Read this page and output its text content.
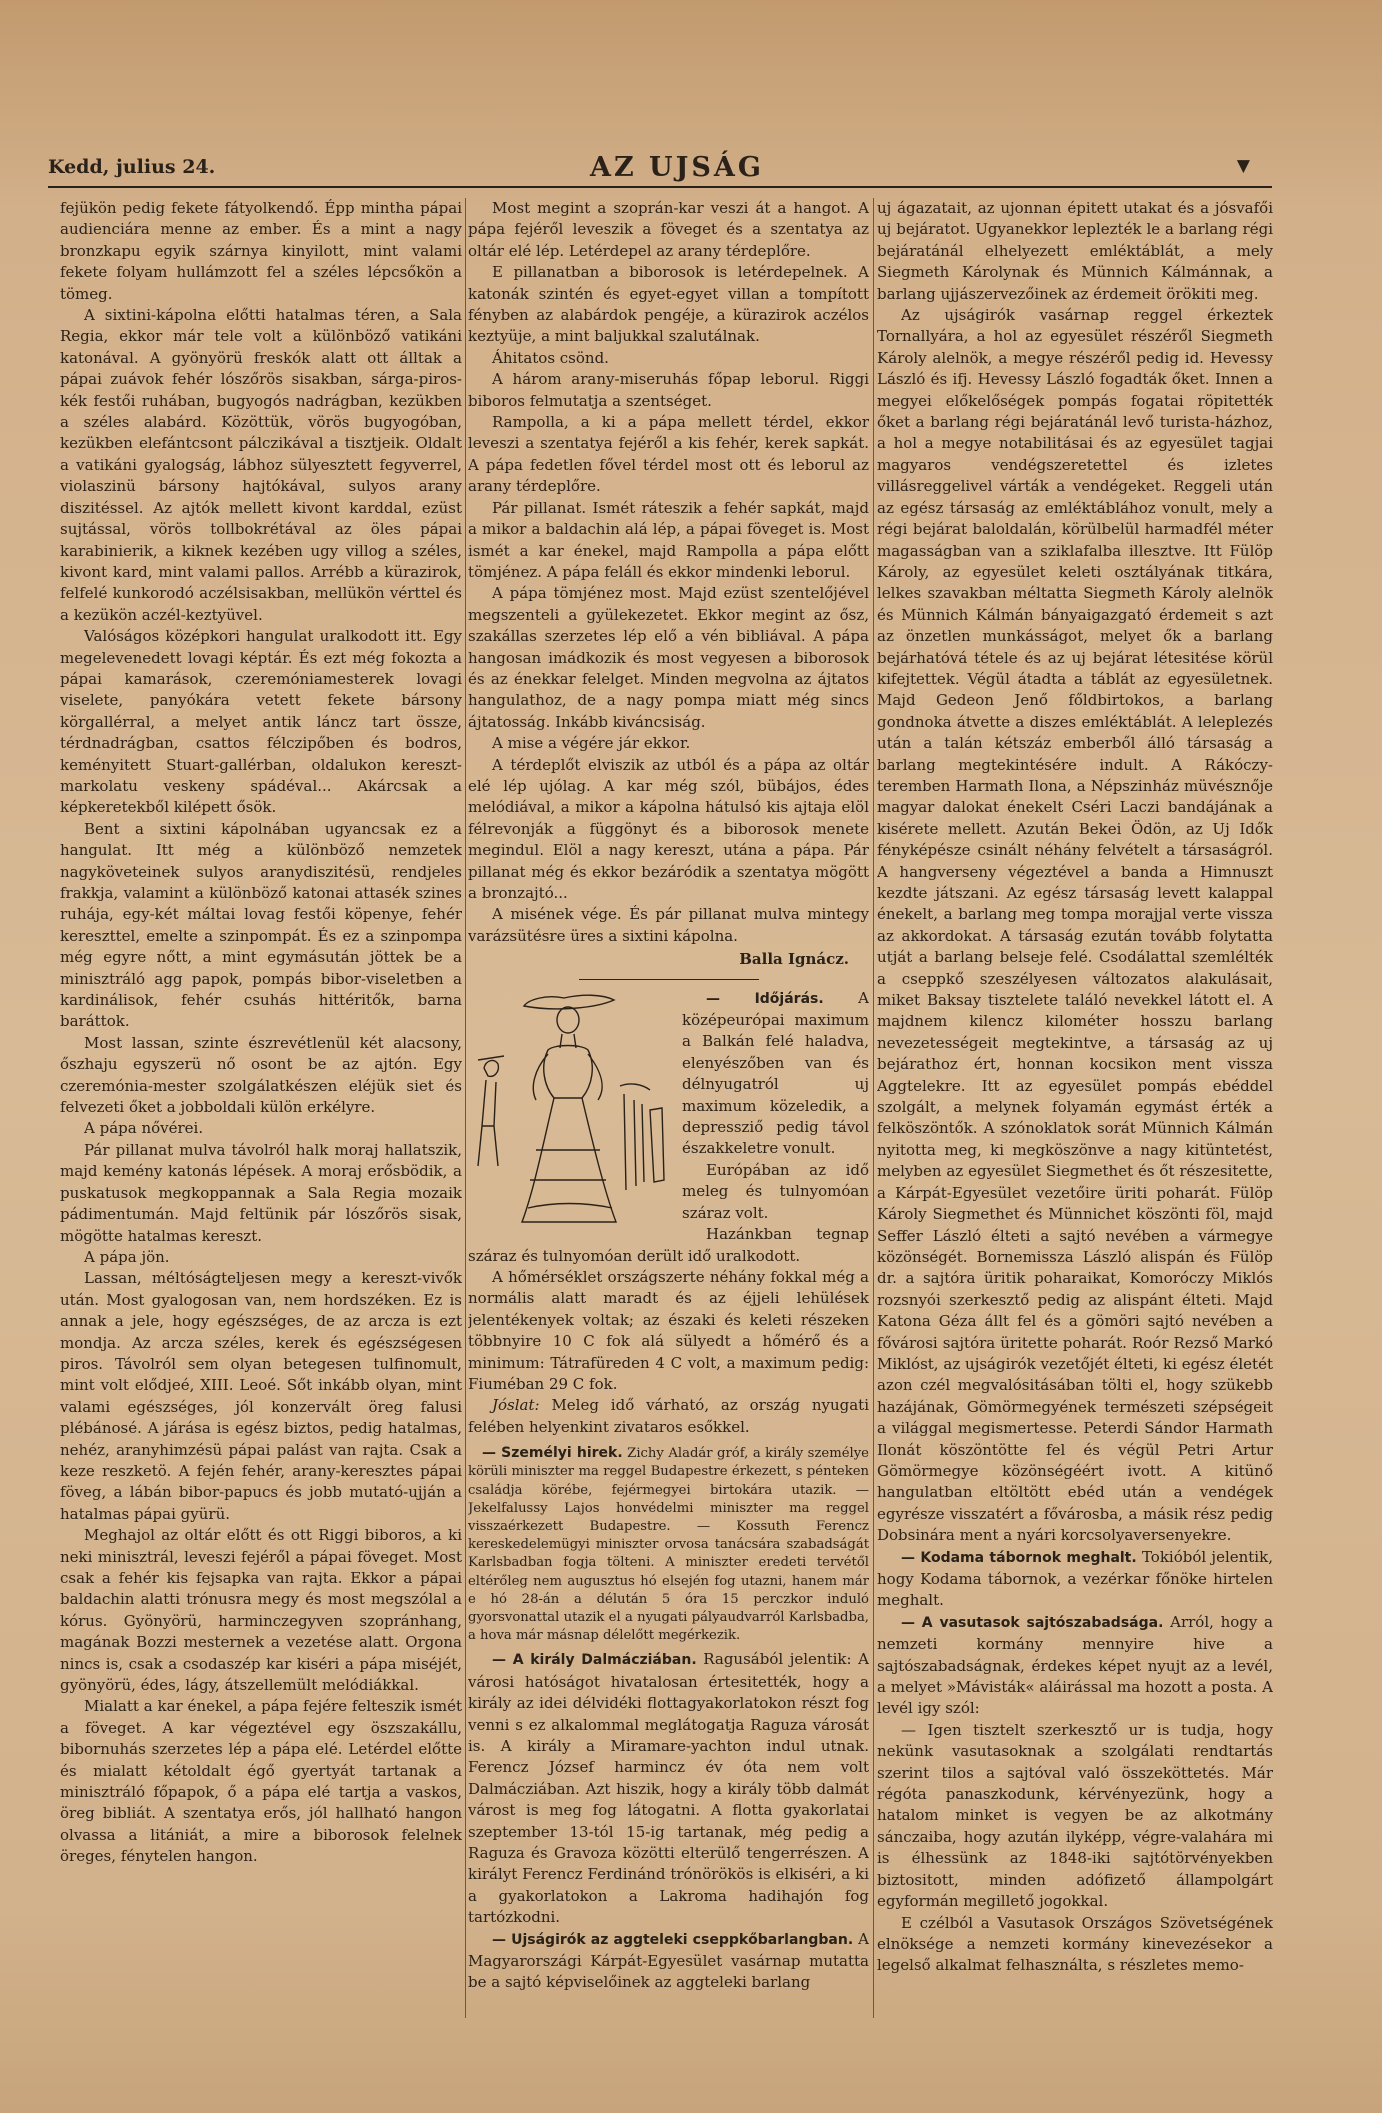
Kedd, julius 24.	AZ UJSÁG	▼

fejükön pedig fekete fátyolkendő. Épp mintha pápai audienciára menne az ember. És a mint a nagy bronzkapu egyik szárnya kinyilott, mint valami fekete folyam hullámzott fel a széles lépcsőkön a tömeg.

A sixtini-kápolna előtti hatalmas téren, a Sala Regia, ekkor már tele volt a különböző vatikáni katonával. A gyönyörü freskók alatt ott álltak a pápai zuávok fehér lószőrös sisakban, sárga-piros-kék festői ruhában, bugyogós nadrágban, kezükben a széles alabárd. Közöttük, vörös bugyogóban, kezükben elefántcsont pálczikával a tisztjeik. Oldalt a vatikáni gyalogság, lábhoz sülyesztett fegyverrel, violaszinü bársony hajtókával, sulyos arany diszitéssel. Az ajtók mellett kivont karddal, ezüst sujtással, vörös tollbokrétával az öles pápai karabinierik, a kiknek kezében ugy villog a széles, kivont kard, mint valami pallos. Arrébb a kürazirok, felfelé kunkorodó aczélsisakban, mellükön vérttel és a kezükön aczél-keztyüvel.

Valóságos középkori hangulat uralkodott itt. Egy megelevenedett lovagi képtár. És ezt még fokozta a pápai kamarások, czeremóniamesterek lovagi viselete, panyókára vetett fekete bársony körgallérral, a melyet antik láncz tart össze, térdnadrágban, csattos félczipőben és bodros, keményitett Stuart-gallérban, oldalukon kereszt-markolatu veskeny spádéval... Akárcsak a képkeretekből kilépett ősök.

Bent a sixtini kápolnában ugyancsak ez a hangulat. Itt még a különböző nemzetek nagyköveteinek sulyos aranydiszitésü, rendjeles frakkja, valamint a különböző katonai attasék szines ruhája, egy-két máltai lovag festői köpenye, fehér kereszttel, emelte a szinpompát. És ez a szinpompa még egyre nőtt, a mint egymásután jöttek be a minisztráló agg papok, pompás bibor-viseletben a kardinálisok, fehér csuhás hittéritők, barna baráttok.

Most lassan, szinte észrevétlenül két alacsony, őszhaju egyszerü nő osont be az ajtón. Egy czeremónia-mester szolgálatkészen eléjük siet és felvezeti őket a jobboldali külön erkélyre.

A pápa nővérei.

Pár pillanat mulva távolról halk moraj hallatszik, majd kemény katonás lépések. A moraj erősbödik, a puskatusok megkoppannak a Sala Regia mozaik pádimentumán. Majd feltünik pár lószőrös sisak, mögötte hatalmas kereszt.

A pápa jön.

Lassan, méltóságteljesen megy a kereszt-vivők után. Most gyalogosan van, nem hordszéken. Ez is annak a jele, hogy egészséges, de az arcza is ezt mondja. Az arcza széles, kerek és egészségesen piros. Távolról sem olyan betegesen tulfinomult, mint volt elődjeé, XIII. Leoé. Sőt inkább olyan, mint valami egészséges, jól konzervált öreg falusi plébánosé. A járása is egész biztos, pedig hatalmas, nehéz, aranyhimzésü pápai palást van rajta. Csak a keze reszketö. A fején fehér, arany-keresztes pápai föveg, a lábán bibor-papucs és jobb mutató-ujján a hatalmas pápai gyürü.

Meghajol az oltár előtt és ott Riggi biboros, a ki neki minisztrál, leveszi fejéről a pápai föveget. Most csak a fehér kis fejsapka van rajta. Ekkor a pápai baldachin alatti trónusra megy és most megszólal a kórus. Gyönyörü, harminczegyven szopránhang, magának Bozzi mesternek a vezetése alatt. Orgona nincs is, csak a csodaszép kar kiséri a pápa miséjét, gyönyörü, édes, lágy, átszellemült melódiákkal.

Mialatt a kar énekel, a pápa fejére felteszik ismét a föveget. A kar végeztével egy öszszakállu, bibornuhás szerzetes lép a pápa elé. Letérdel előtte és mialatt kétoldalt égő gyertyát tartanak a minisztráló főpapok, ő a pápa elé tartja a vaskos, öreg bibliát. A szentatya erős, jól hallható hangon olvassa a litániát, a mire a biborosok felelnek öreges, fénytelen hangon.

Most megint a szoprán-kar veszi át a hangot. A pápa fejéről leveszik a föveget és a szentatya az oltár elé lép. Letérdepel az arany térdeplőre.

E pillanatban a biborosok is letérdepelnek. A katonák szintén és egyet-egyet villan a tompított fényben az alabárdok pengéje, a kürazirok aczélos keztyüje, a mint baljukkal szalutálnak.

Áhitatos csönd.

A három arany-miseruhás főpap leborul. Riggi biboros felmutatja a szentséget.

Rampolla, a ki a pápa mellett térdel, ekkor leveszi a szentatya fejéről a kis fehér, kerek sapkát. A pápa fedetlen fővel térdel most ott és leborul az arany térdeplőre.

Pár pillanat. Ismét ráteszik a fehér sapkát, majd a mikor a baldachin alá lép, a pápai föveget is. Most ismét a kar énekel, majd Rampolla a pápa előtt tömjénez. A pápa feláll és ekkor mindenki leborul.

A pápa tömjénez most. Majd ezüst szentelőjével megszenteli a gyülekezetet. Ekkor megint az ősz, szakállas szerzetes lép elő a vén bibliával. A pápa hangosan imádkozik és most vegyesen a biborosok és az énekkar felelget. Minden megvolna az ájtatos hangulathoz, de a nagy pompa miatt még sincs ájtatosság. Inkább kiváncsiság.

A mise a végére jár ekkor.

A térdeplőt elviszik az utból és a pápa az oltár elé lép ujólag. A kar még szól, bübájos, édes melódiával, a mikor a kápolna hátulsó kis ajtaja elöl félrevonják a függönyt és a biborosok menete megindul. Elöl a nagy kereszt, utána a pápa. Pár pillanat még és ekkor bezáródik a szentatya mögött a bronzajtó...

A misének vége. És pár pillanat mulva mintegy varázsütésre üres a sixtini kápolna.

Balla Ignácz.

— Időjárás. A középeurópai maximum a Balkán felé haladva, elenyészőben van és délnyugatról uj maximum közeledik, a depressziő pedig távol északkeletre vonult.

Európában az idő meleg és tulnyomóan száraz volt.

Hazánkban tegnap száraz és tulnyomóan derült idő uralkodott.

A hőmérséklet országszerte néhány fokkal még a normális alatt maradt és az éjjeli lehülések jelentékenyek voltak; az északi és keleti részeken többnyire 10 C fok alá sülyedt a hőmérő és a minimum: Tátrafüreden 4 C volt, a maximum pedig: Fiuméban 29 C fok.

Jóslat: Meleg idő várható, az ország nyugati felében helyenkint zivataros esőkkel.

— Személyi hirek. Zichy Aladár gróf, a király személye körüli miniszter ma reggel Budapestre érkezett, s pénteken családja körébe, fejérmegyei birtokára utazik. — Jekelfalussy Lajos honvédelmi miniszter ma reggel visszaérkezett Budapestre. — Kossuth Ferencz kereskedelemügyi miniszter orvosa tanácsára szabadságát Karlsbadban fogja tölteni. A miniszter eredeti tervétől eltérőleg nem augusztus hó elsején fog utazni, hanem már e hó 28-án a délután 5 óra 15 perczkor induló gyorsvonattal utazik el a nyugati pályaudvarról Karlsbadba, a hova már másnap délelőtt megérkezik.

— A király Dalmácziában. Ragusából jelentik: A városi hatóságot hivatalosan értesitették, hogy a király az idei délvidéki flottagyakorlatokon részt fog venni s ez alkalommal meglátogatja Raguza városát is. A király a Miramare-yachton indul utnak. Ferencz József harmincz év óta nem volt Dalmácziában. Azt hiszik, hogy a király több dalmát várost is meg fog látogatni. A flotta gyakorlatai szeptember 13-tól 15-ig tartanak, még pedig a Raguza és Gravoza közötti elterülő tengerrészen. A királyt Ferencz Ferdinánd trónörökös is elkiséri, a ki a gyakorlatokon a Lakroma hadihajón fog tartózkodni.

— Ujságirók az aggteleki cseppkőbarlangban. A Magyarországi Kárpát-Egyesület vasárnap mutatta be a sajtó képviselőinek az aggteleki barlang

uj ágazatait, az ujonnan épitett utakat és a jósvafői uj bejáratot. Ugyanekkor leplezték le a barlang régi bejáratánál elhelyezett emléktáblát, a mely Siegmeth Károlynak és Münnich Kálmánnak, a barlang ujjászervezőinek az érdemeit örökiti meg.

Az ujságirók vasárnap reggel érkeztek Tornallyára, a hol az egyesület részéről Siegmeth Károly alelnök, a megye részéről pedig id. Hevessy László és ifj. Hevessy László fogadták őket. Innen a megyei előkelőségek pompás fogatai röpitették őket a barlang régi bejáratánál levő turista-házhoz, a hol a megye notabilitásai és az egyesület tagjai magyaros vendégszeretettel és izletes villásreggelivel várták a vendégeket. Reggeli után az egész társaság az emléktáblához vonult, mely a régi bejárat baloldalán, körülbelül harmadfél méter magasságban van a sziklafalba illesztve. Itt Fülöp Károly, az egyesület keleti osztályának titkára, lelkes szavakban méltatta Siegmeth Károly alelnök és Münnich Kálmán bányaigazgató érdemeit s azt az önzetlen munkásságot, melyet ők a barlang bejárhatóvá tétele és az uj bejárat létesitése körül kifejtettek. Végül átadta a táblát az egyesületnek. Majd Gedeon Jenő főldbirtokos, a barlang gondnoka átvette a diszes emléktáblát. A leleplezés után a talán kétszáz emberből álló társaság a barlang megtekintésére indult. A Rákóczy-teremben Harmath Ilona, a Népszinház müvésznője magyar dalokat énekelt Cséri Laczi bandájának a kisérete mellett. Azután Bekei Ödön, az Uj Idők fényképésze csinált néhány felvételt a társaságról. A hangverseny végeztével a banda a Himnuszt kezdte játszani. Az egész társaság levett kalappal énekelt, a barlang meg tompa morajjal verte vissza az akkordokat. A társaság ezután tovább folytatta utját a barlang belseje felé. Csodálattal szemlélték a cseppkő szeszélyesen változatos alakulásait, miket Baksay tisztelete találó nevekkel látott el. A majdnem kilencz kilométer hosszu barlang nevezetességeit megtekintve, a társaság az uj bejárathoz ért, honnan kocsikon ment vissza Aggtelekre. Itt az egyesület pompás ebéddel szolgált, a melynek folyamán egymást érték a felköszöntők. A szónoklatok sorát Münnich Kálmán nyitotta meg, ki megköszönve a nagy kitüntetést, melyben az egyesület Siegmethet és őt részesitette, a Kárpát-Egyesület vezetőire üriti poharát. Fülöp Károly Siegmethet és Münnichet köszönti föl, majd Seffer László élteti a sajtó nevében a vármegye közönségét. Bornemissza László alispán és Fülöp dr. a sajtóra üritik poharaikat, Komoróczy Miklós rozsnyói szerkesztő pedig az alispánt élteti. Majd Katona Géza állt fel és a gömöri sajtó nevében a fővárosi sajtóra üritette poharát. Roór Rezső Markó Miklóst, az ujságirók vezetőjét élteti, ki egész életét azon czél megvalósitásában tölti el, hogy szükebb hazájának, Gömörmegyének természeti szépségeit a világgal megismertesse. Peterdi Sándor Harmath Ilonát köszöntötte fel és végül Petri Artur Gömörmegye közönségéért ivott. A kitünő hangulatban eltöltött ebéd után a vendégek egyrésze visszatért a fővárosba, a másik rész pedig Dobsinára ment a nyári korcsolyaversenyekre.

— Kodama tábornok meghalt. Tokióból jelentik, hogy Kodama tábornok, a vezérkar főnöke hirtelen meghalt.

— A vasutasok sajtószabadsága. Arról, hogy a nemzeti kormány mennyire hive a sajtószabadságnak, érdekes képet nyujt az a levél, a melyet »Mávisták« aláirással ma hozott a posta. A levél igy szól:

— Igen tisztelt szerkesztő ur is tudja, hogy nekünk vasutasoknak a szolgálati rendtartás szerint tilos a sajtóval való összeköttetés. Már régóta panaszkodunk, kérvényezünk, hogy a hatalom minket is vegyen be az alkotmány sánczaiba, hogy azután ilyképp, végre-valahára mi is élhessünk az 1848-iki sajtótörvényekben biztositott, minden adófizető állampolgárt egyformán megillető jogokkal.

E czélból a Vasutasok Országos Szövetségének elnöksége a nemzeti kormány kinevezésekor a legelső alkalmat felhasználta, s részletes memo-
